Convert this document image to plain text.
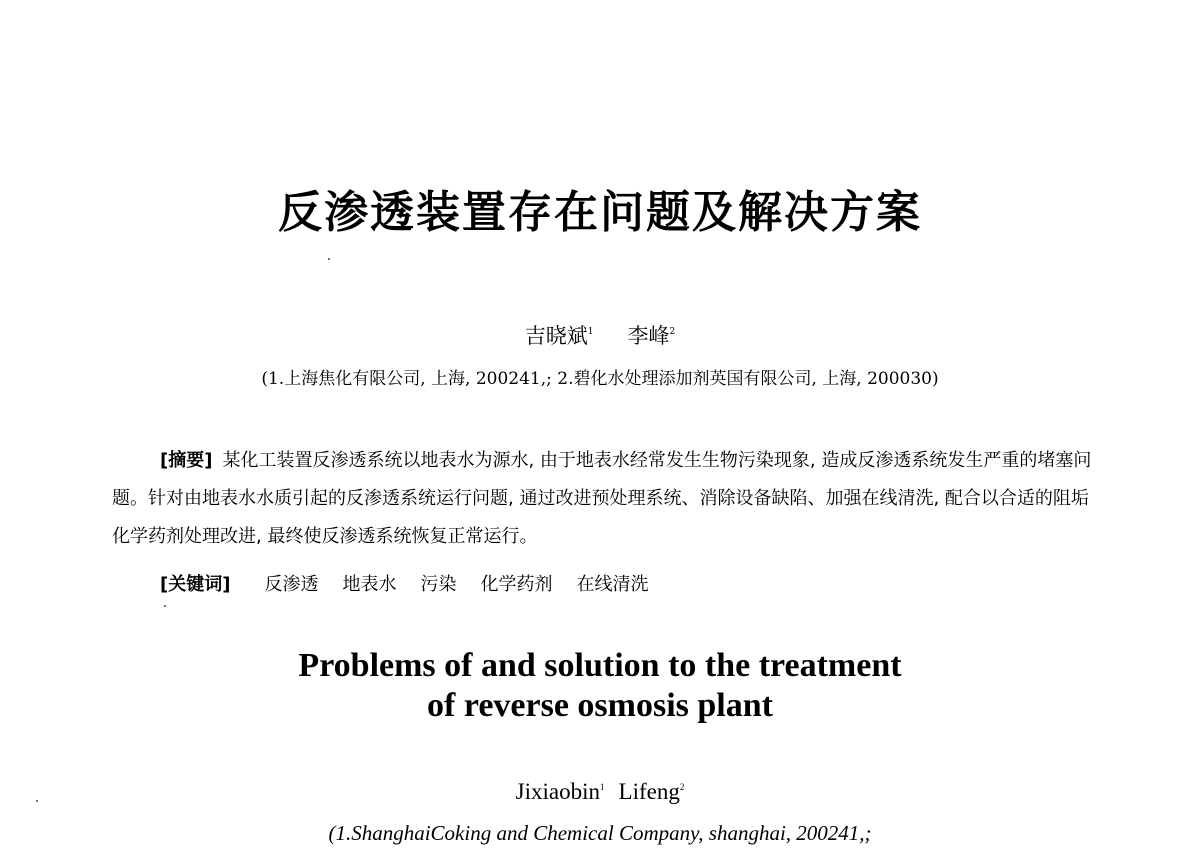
反渗透装置存在问题及解决方案
吉晓斌$^1$ 李峰$^2$
(1.上海焦化有限公司, 上海, 200241,; 2.碧化水处理添加剂英国有限公司, 上海, 200030)

[摘要] 某化工装置反渗透系统以地表水为源水, 由于地表水经常发生生物污染现象, 造成反渗透系统发生严重的堵塞问题。针对由地表水水质引起的反渗透系统运行问题, 通过改进预处理系统、消除设备缺陷、加强在线清洗, 配合以合适的阻垢化学药剂处理改进, 最终使反渗透系统恢复正常运行。

[关键词] 反渗透 地表水 污染 化学药剂 在线清洗
Problems of and solution to the treatment
of reverse osmosis plant
Jixiaobin$^1$ Lifeng$^2$
(1.ShanghaiCoking and Chemical Company, shanghai, 200241,;
